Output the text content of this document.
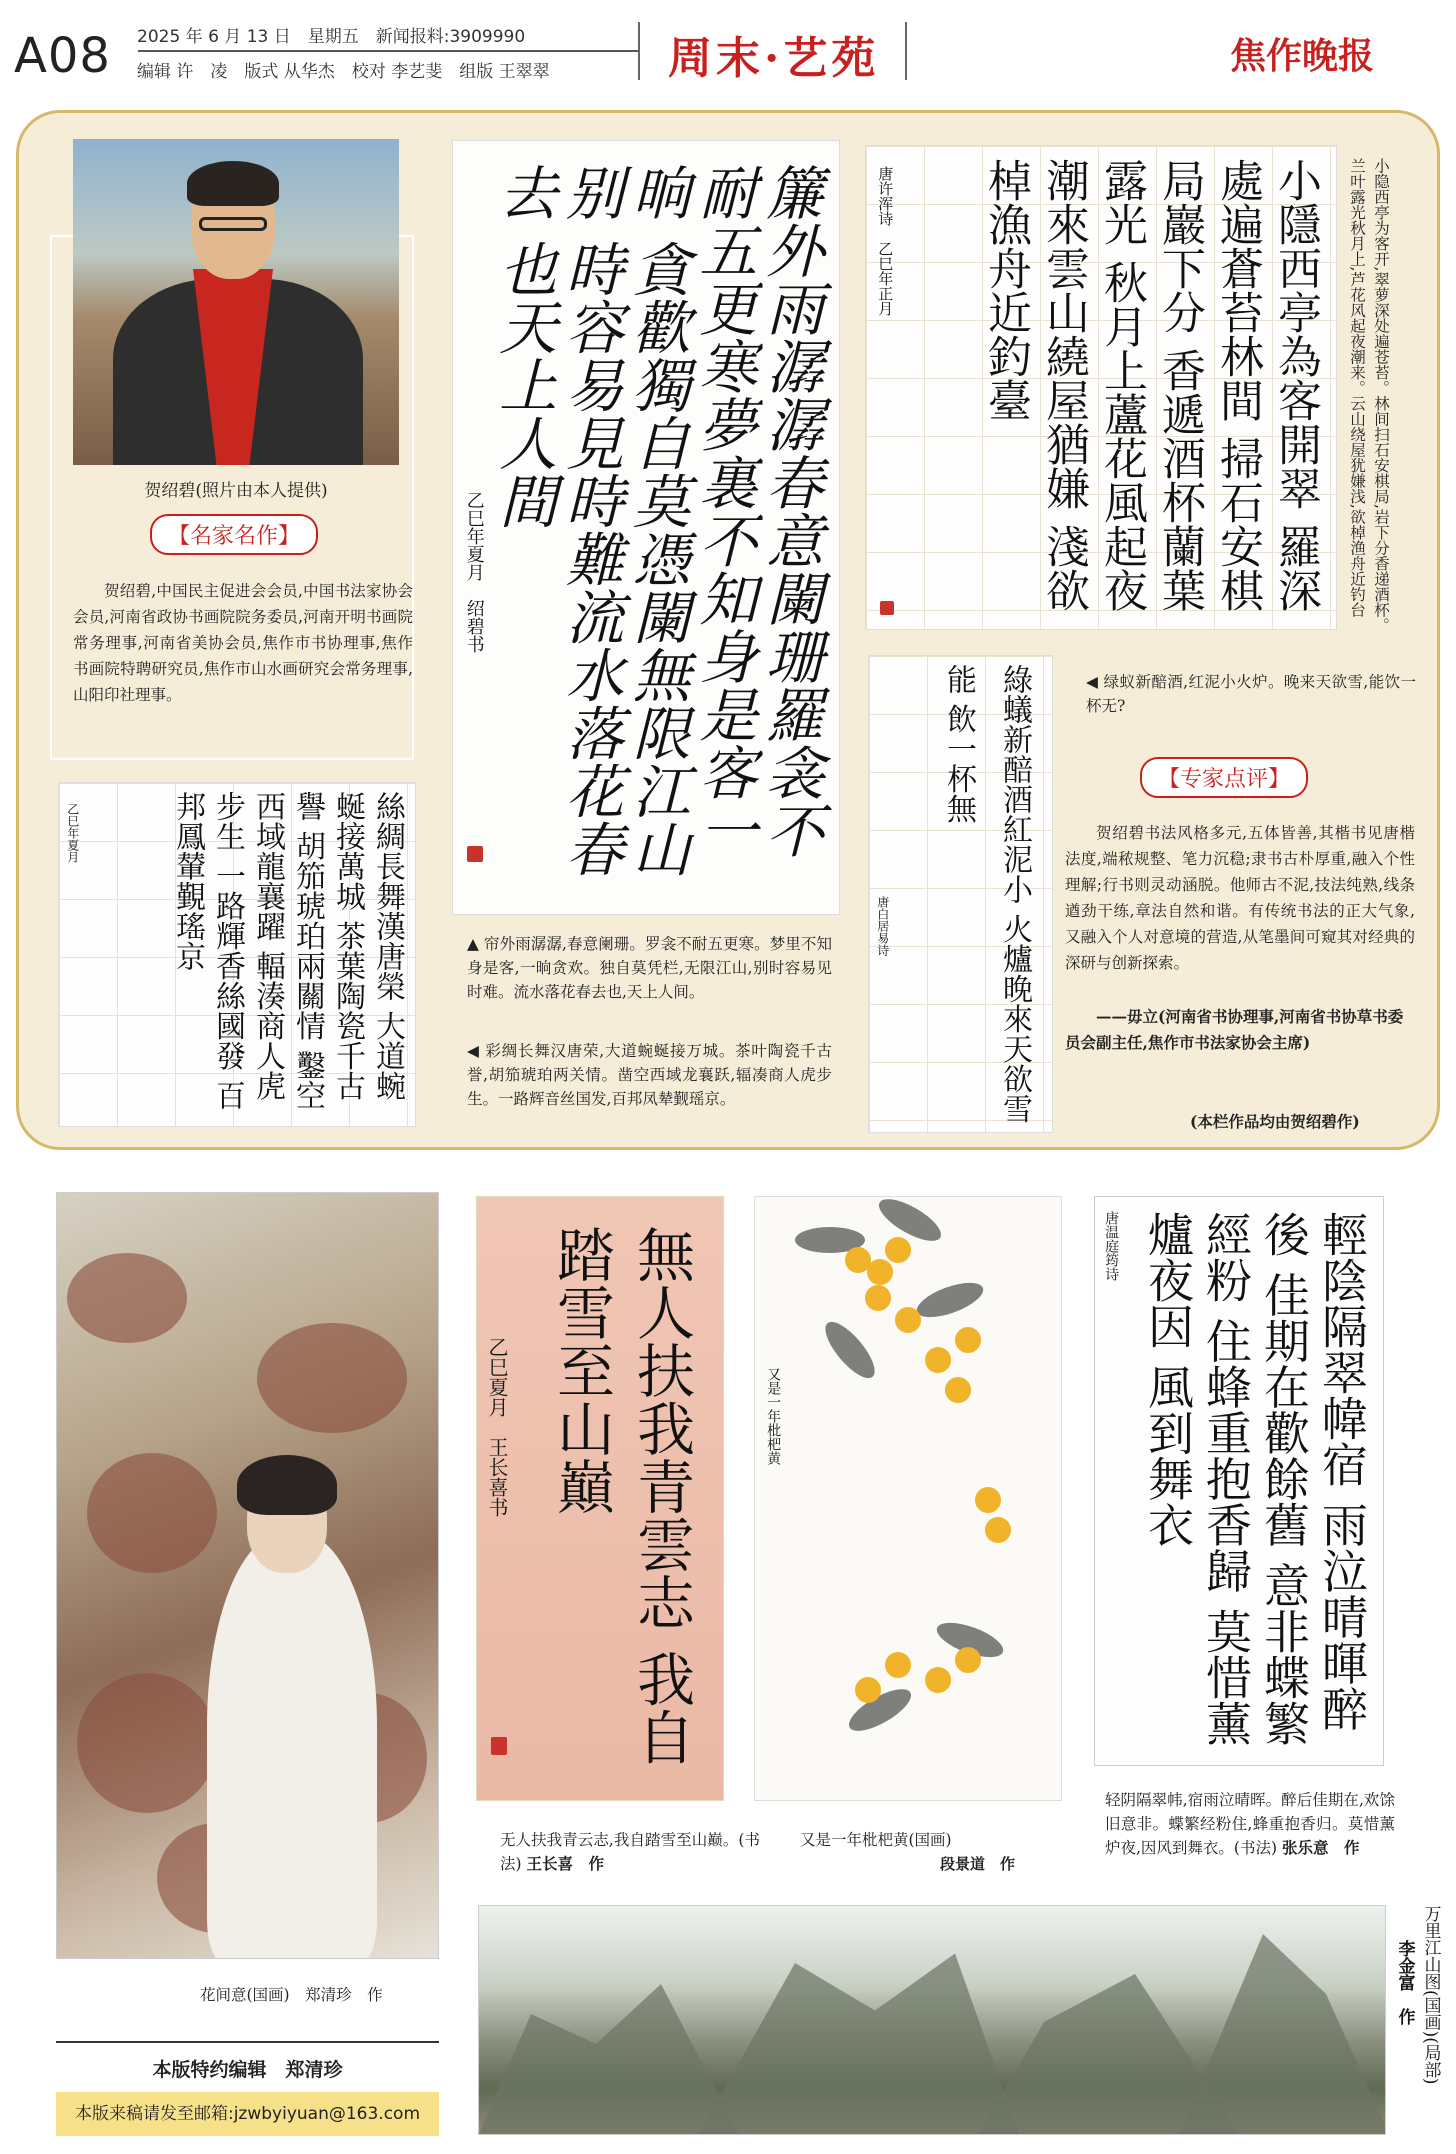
A08 2025 年 6 月 13 日　星期五　新闻报料:3909990
编辑 许　凌　版式 从华杰　校对 李艺斐　组版 王翠翠	周末·艺苑	焦作晚报
贺绍碧(照片由本人提供)
【名家名作】
贺绍碧,中国民主促进会会员,中国书法家协会会员,河南省政协书画院院务委员,河南开明书画院常务理事,河南省美协会员,焦作市书协理事,焦作书画院特聘研究员,焦作市山水画研究会常务理事,山阳印社理事。	簾外雨潺潺春意闌珊羅衾不 耐五更寒夢裏不知身是客一晌 貪歡獨自莫憑闌無限江山别 時容易見時難流水落花春去 也天上人間
乙巳年夏月　绍碧书
▲ 帘外雨潺潺,春意阑珊。罗衾不耐五更寒。梦里不知身是客,一晌贪欢。独自莫凭栏,无限江山,别时容易见时难。流水落花春去也,天上人间。
◀ 彩绸长舞汉唐荣,大道蜿蜒接万城。茶叶陶瓷千古誉,胡笳琥珀两关情。凿空西域龙襄跃,辐凑商人虎步生。一路辉音丝国发,百邦凤辇觐瑶京。
小隱西亭為客開翠 羅深處遍蒼苔林間 掃石安棋局巖下分 香遞酒杯蘭葉露光 秋月上蘆花風起夜 潮來雲山繞屋猶嫌 淺欲棹漁舟近釣臺
唐许浑诗　乙巳年正月	小隐西亭为客开,翠萝深处遍苍苔。林间扫石安棋局,岩下分香递酒杯。兰叶露光秋月上,芦花风起夜潮来。云山绕屋犹嫌浅,欲棹渔舟近钓台
綠蟻新醅酒紅泥小 火爐晚來天欲雪能 飲一杯無
唐白居易诗
◀ 绿蚁新醅酒,红泥小火炉。晚来天欲雪,能饮一杯无?
【专家点评】
贺绍碧书法风格多元,五体皆善,其楷书见唐楷法度,端秾规整、笔力沉稳;隶书古朴厚重,融入个性理解;行书则灵动涵脱。他师古不泥,技法纯熟,线条遒劲干练,章法自然和谐。有传统书法的正大气象,又融入个人对意境的营造,从笔墨间可窥其对经典的深研与创新探索。
——毋立(河南省书协理事,河南省书协草书委员会副主任,焦作市书法家协会主席)
(本栏作品均由贺绍碧作)
絲綢長舞漢唐榮 大道蜿蜒接萬城 茶葉陶瓷千古譽 胡笳琥珀兩關情 鑿空西域龍襄躍 輻湊商人虎步生 一路輝香絲國發 百邦鳳輦覲瑤京
乙巳年夏月
花间意(国画)　郑清珍　作
無人扶我青雲志 我自踏雪至山巔
乙巳夏月　王长喜书
无人扶我青云志,我自踏雪至山巅。(书法) 王长喜　作
又是一年枇杷黄
又是一年枇杷黄(国画)
段景道　作
輕陰隔翠幃宿 雨泣晴暉醉後 佳期在歡餘舊 意非蝶繁經粉 住蜂重抱香歸 莫惜薰爐夜因 風到舞衣
唐温庭筠诗
轻阴隔翠帏,宿雨泣晴晖。醉后佳期在,欢馀旧意非。蝶繁经粉住,蜂重抱香归。莫惜薰炉夜,因风到舞衣。(书法) 张乐意　作
万里江山图(国画)(局部)
李金富　作
本版特约编辑　郑清珍
本版来稿请发至邮箱:jzwbyiyuan@163.com
